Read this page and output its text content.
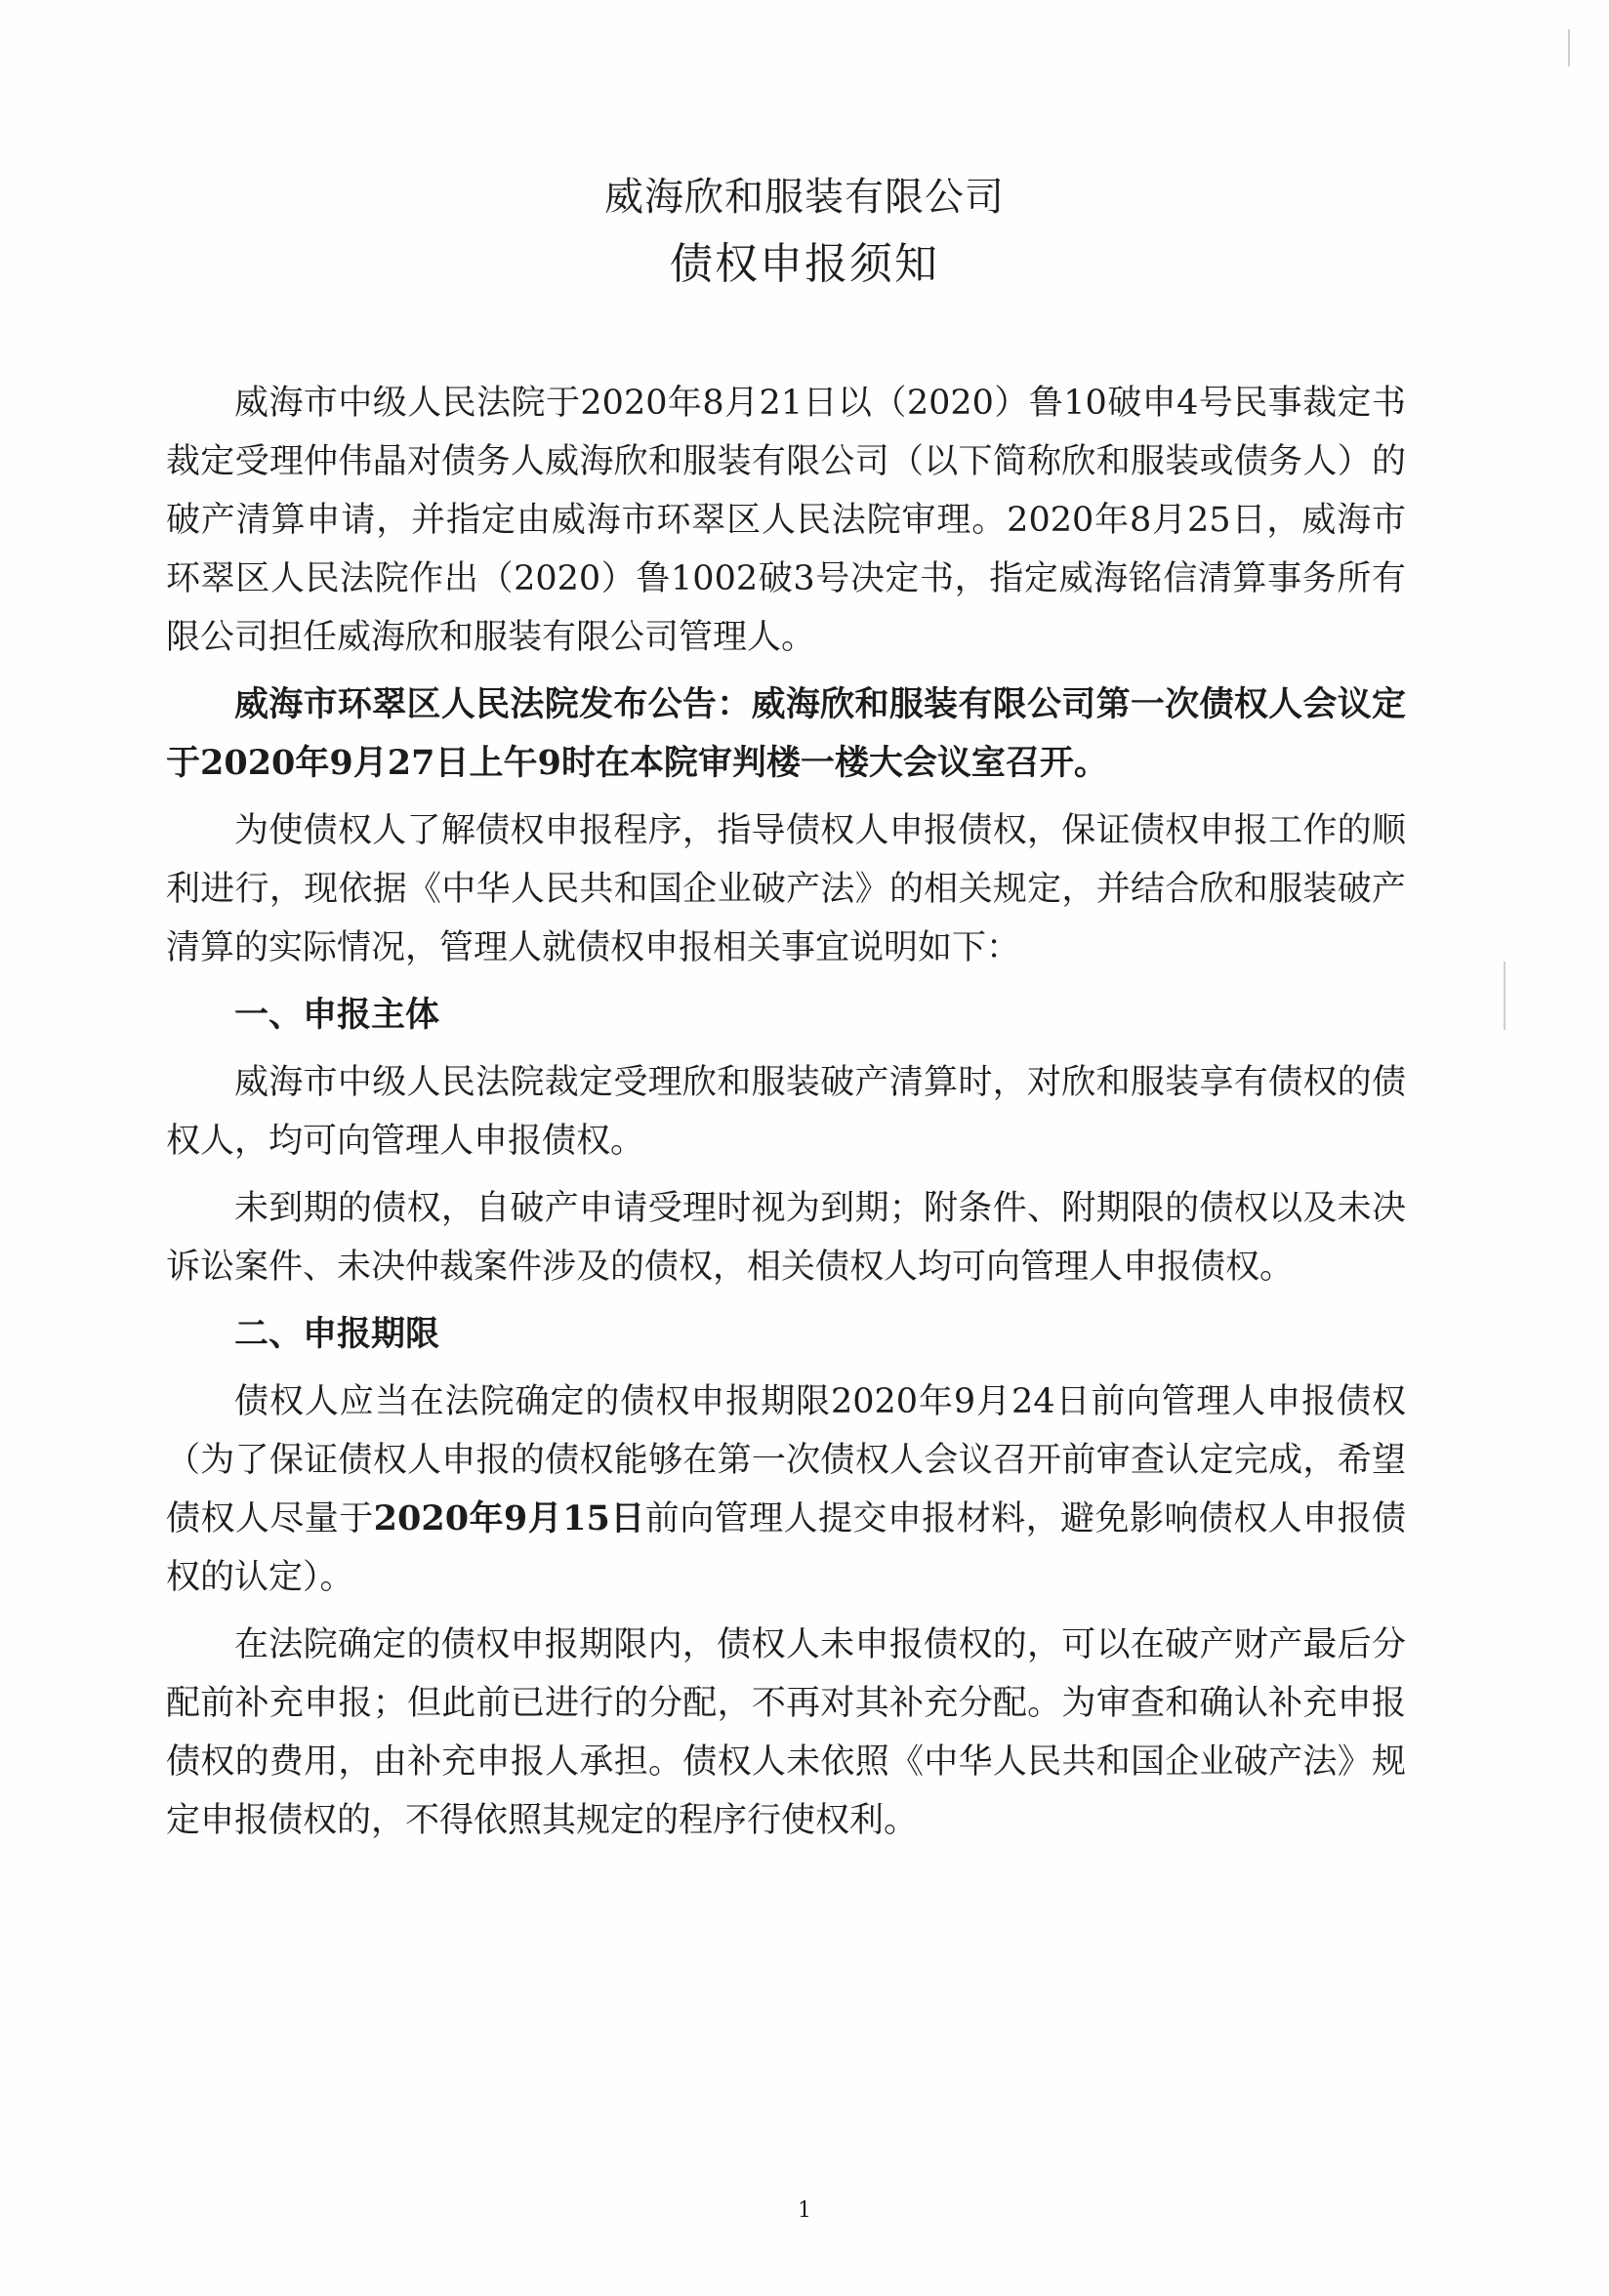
威海欣和服装有限公司
债权申报须知

威海市中级人民法院于2020年8月21日以（2020）鲁10破申4号民事裁定书裁定受理仲伟晶对债务人威海欣和服装有限公司（以下简称欣和服装或债务人）的破产清算申请，并指定由威海市环翠区人民法院审理。2020年8月25日，威海市环翠区人民法院作出（2020）鲁1002破3号决定书，指定威海铭信清算事务所有限公司担任威海欣和服装有限公司管理人。

威海市环翠区人民法院发布公告：威海欣和服装有限公司第一次债权人会议定于2020年9月27日上午9时在本院审判楼一楼大会议室召开。

为使债权人了解债权申报程序，指导债权人申报债权，保证债权申报工作的顺利进行，现依据《中华人民共和国企业破产法》的相关规定，并结合欣和服装破产清算的实际情况，管理人就债权申报相关事宜说明如下：

一、申报主体

威海市中级人民法院裁定受理欣和服装破产清算时，对欣和服装享有债权的债权人，均可向管理人申报债权。

未到期的债权，自破产申请受理时视为到期；附条件、附期限的债权以及未决诉讼案件、未决仲裁案件涉及的债权，相关债权人均可向管理人申报债权。

二、申报期限

债权人应当在法院确定的债权申报期限2020年9月24日前向管理人申报债权（为了保证债权人申报的债权能够在第一次债权人会议召开前审查认定完成，希望债权人尽量于2020年9月15日前向管理人提交申报材料，避免影响债权人申报债权的认定）。

在法院确定的债权申报期限内，债权人未申报债权的，可以在破产财产最后分配前补充申报；但此前已进行的分配，不再对其补充分配。为审查和确认补充申报债权的费用，由补充申报人承担。债权人未依照《中华人民共和国企业破产法》规定申报债权的，不得依照其规定的程序行使权利。

1
